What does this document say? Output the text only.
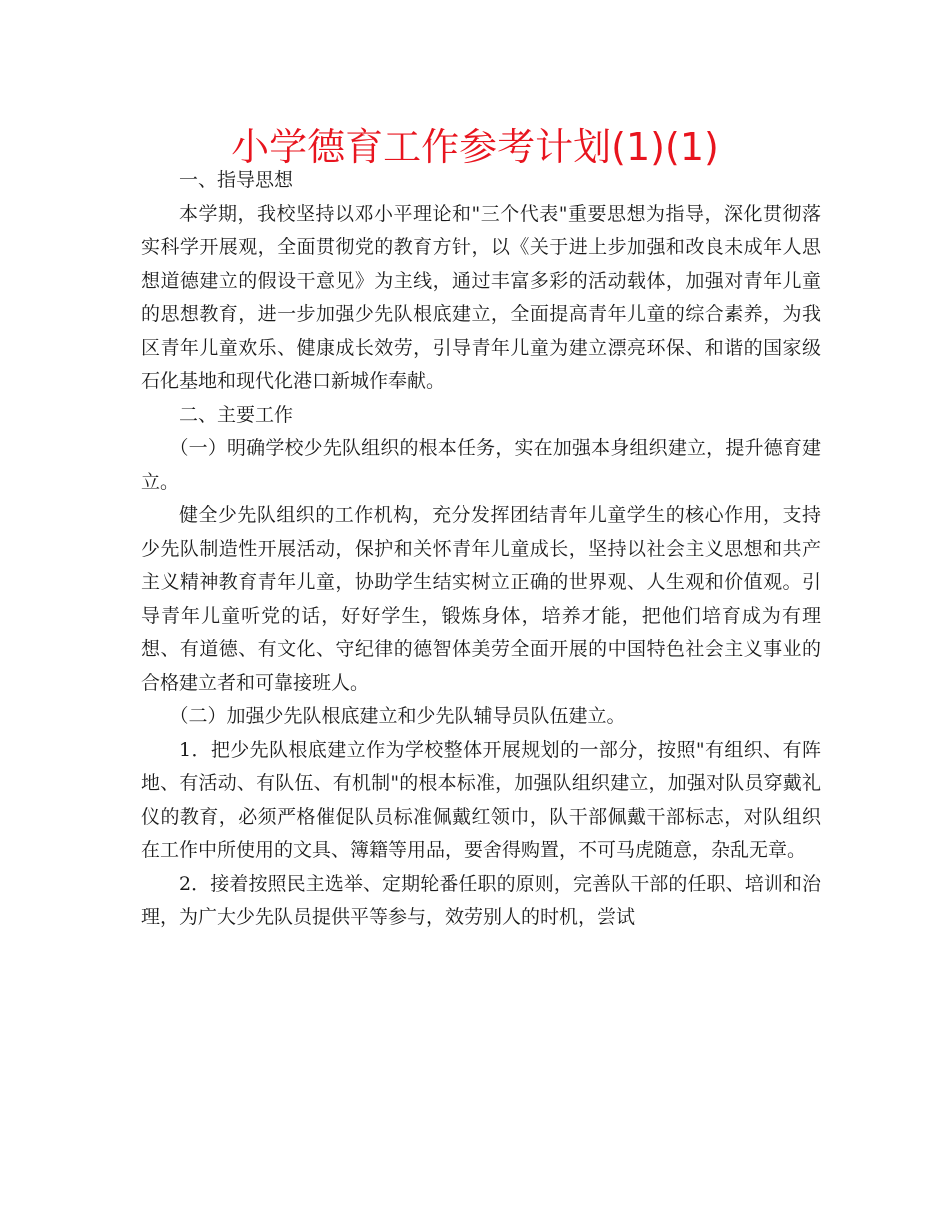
小学德育工作参考计划(1)(1)

一、指导思想

本学期，我校坚持以邓小平理论和"三个代表"重要思想为指导，深化贯彻落实科学开展观，全面贯彻党的教育方针，以《关于进上步加强和改良未成年人思想道德建立的假设干意见》为主线，通过丰富多彩的活动载体，加强对青年儿童的思想教育，进一步加强少先队根底建立，全面提高青年儿童的综合素养，为我区青年儿童欢乐、健康成长效劳，引导青年儿童为建立漂亮环保、和谐的国家级石化基地和现代化港口新城作奉献。

二、主要工作

（一）明确学校少先队组织的根本任务，实在加强本身组织建立，提升德育建立。

健全少先队组织的工作机构，充分发挥团结青年儿童学生的核心作用，支持少先队制造性开展活动，保护和关怀青年儿童成长，坚持以社会主义思想和共产主义精神教育青年儿童，协助学生结实树立正确的世界观、人生观和价值观。引导青年儿童听党的话，好好学生，锻炼身体，培养才能，把他们培育成为有理想、有道德、有文化、守纪律的德智体美劳全面开展的中国特色社会主义事业的合格建立者和可靠接班人。

（二）加强少先队根底建立和少先队辅导员队伍建立。

1．把少先队根底建立作为学校整体开展规划的一部分，按照"有组织、有阵地、有活动、有队伍、有机制"的根本标准，加强队组织建立，加强对队员穿戴礼仪的教育，必须严格催促队员标准佩戴红领巾，队干部佩戴干部标志，对队组织在工作中所使用的文具、簿籍等用品，要舍得购置，不可马虎随意，杂乱无章。

2．接着按照民主选举、定期轮番任职的原则，完善队干部的任职、培训和治理，为广大少先队员提供平等参与，效劳别人的时机，尝试
